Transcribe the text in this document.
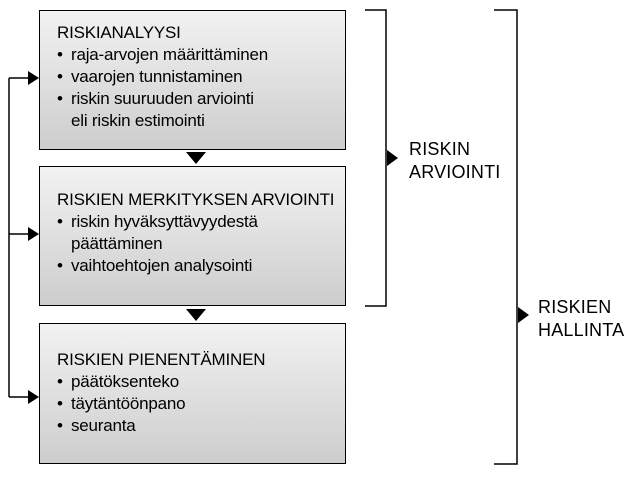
RISKIANALYYSI
• raja-arvojen määrittäminen
• vaarojen tunnistaminen
• riskin suuruuden arviointi
eli riskin estimointi
RISKIEN MERKITYKSEN ARVIOINTI
• riskin hyväksyttävyydestä
päättäminen
• vaihtoehtojen analysointi
RISKIEN PIENENTÄMINEN
• päätöksenteko
• täytäntöönpano
• seuranta
RISKIN
ARVIOINTI
RISKIEN
HALLINTA
